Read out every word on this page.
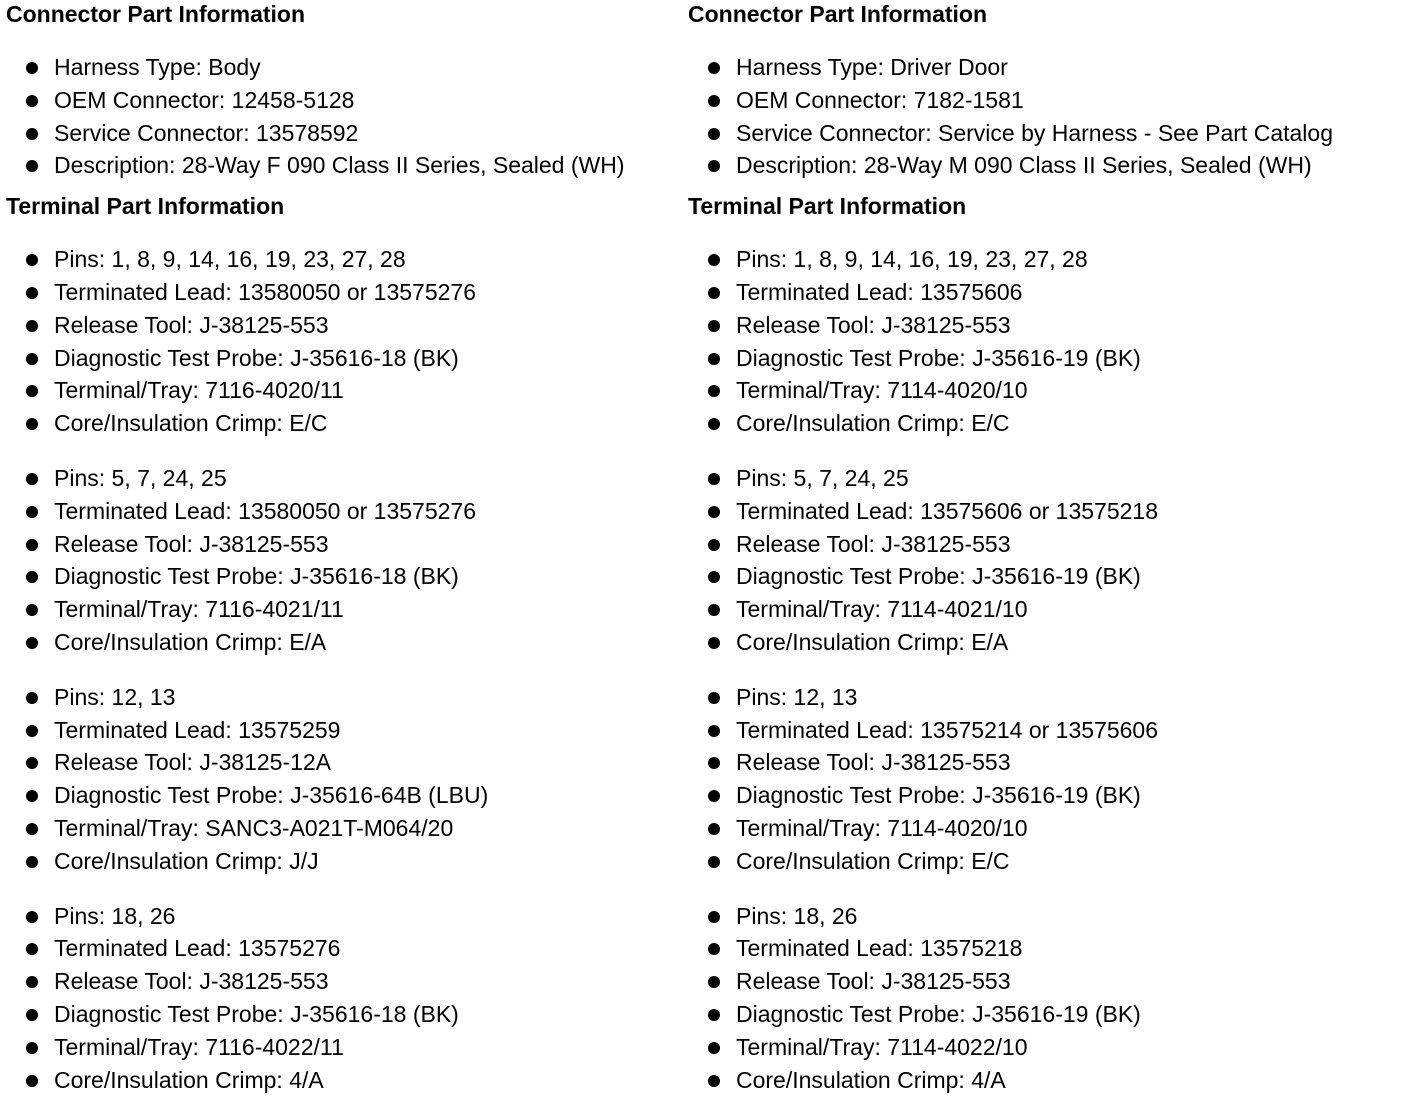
Connector Part Information
Harness Type: Body
OEM Connector: 12458-5128
Service Connector: 13578592
Description: 28-Way F 090 Class II Series, Sealed (WH)
Terminal Part Information
Pins: 1, 8, 9, 14, 16, 19, 23, 27, 28
Terminated Lead: 13580050 or 13575276
Release Tool: J-38125-553
Diagnostic Test Probe: J-35616-18 (BK)
Terminal/Tray: 7116-4020/11
Core/Insulation Crimp: E/C
Pins: 5, 7, 24, 25
Terminated Lead: 13580050 or 13575276
Release Tool: J-38125-553
Diagnostic Test Probe: J-35616-18 (BK)
Terminal/Tray: 7116-4021/11
Core/Insulation Crimp: E/A
Pins: 12, 13
Terminated Lead: 13575259
Release Tool: J-38125-12A
Diagnostic Test Probe: J-35616-64B (LBU)
Terminal/Tray: SANC3-A021T-M064/20
Core/Insulation Crimp: J/J
Pins: 18, 26
Terminated Lead: 13575276
Release Tool: J-38125-553
Diagnostic Test Probe: J-35616-18 (BK)
Terminal/Tray: 7116-4022/11
Core/Insulation Crimp: 4/A
Connector Part Information
Harness Type: Driver Door
OEM Connector: 7182-1581
Service Connector: Service by Harness - See Part Catalog
Description: 28-Way M 090 Class II Series, Sealed (WH)
Terminal Part Information
Pins: 1, 8, 9, 14, 16, 19, 23, 27, 28
Terminated Lead: 13575606
Release Tool: J-38125-553
Diagnostic Test Probe: J-35616-19 (BK)
Terminal/Tray: 7114-4020/10
Core/Insulation Crimp: E/C
Pins: 5, 7, 24, 25
Terminated Lead: 13575606 or 13575218
Release Tool: J-38125-553
Diagnostic Test Probe: J-35616-19 (BK)
Terminal/Tray: 7114-4021/10
Core/Insulation Crimp: E/A
Pins: 12, 13
Terminated Lead: 13575214 or 13575606
Release Tool: J-38125-553
Diagnostic Test Probe: J-35616-19 (BK)
Terminal/Tray: 7114-4020/10
Core/Insulation Crimp: E/C
Pins: 18, 26
Terminated Lead: 13575218
Release Tool: J-38125-553
Diagnostic Test Probe: J-35616-19 (BK)
Terminal/Tray: 7114-4022/10
Core/Insulation Crimp: 4/A
